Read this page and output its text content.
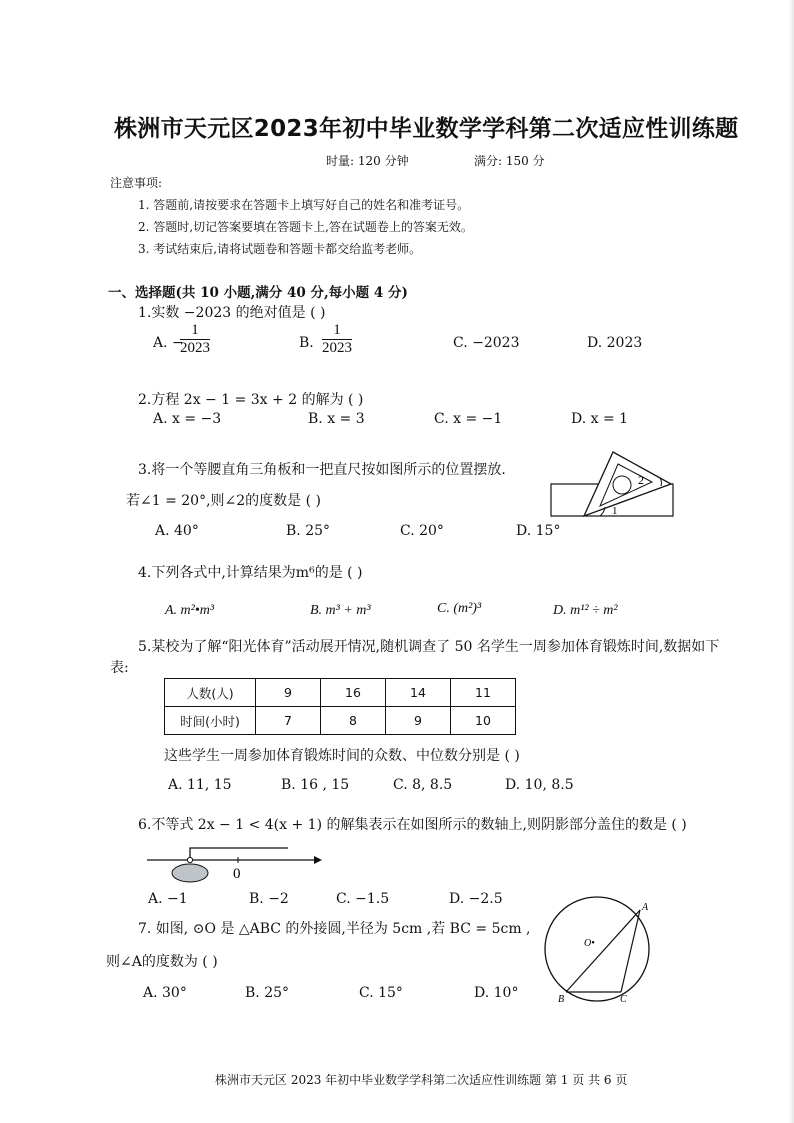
株洲市天元区2023年初中毕业数学学科第二次适应性训练题
时量: 120 分钟	满分: 150 分
注意事项:
1. 答题前,请按要求在答题卡上填写好自己的姓名和准考证号。
2. 答题时,切记答案要填在答题卡上,答在试题卷上的答案无效。
3. 考试结束后,请将试题卷和答题卡都交给监考老师。
一、选择题(共 10 小题,满分 40 分,每小题 4 分)
1.实数 −2023 的绝对值是 ( )
A. −
$\frac{1}{2023}$	B. $\frac{1}{2023}$	C. −2023	D. 2023
2.方程 2x − 1 = 3x + 2 的解为 ( )
A. x = −3	B. x = 3	C. x = −1	D. x = 1
3.将一个等腰直角三角板和一把直尺按如图所示的位置摆放.
若∠1 = 20°,则∠2的度数是 ( )
A. 40°	B. 25°	C. 20°	D. 15°
2
1
4.下列各式中,计算结果为m⁶的是 ( )
A. m²•m³	B. m³ + m³	C. (m²)³	D. m¹² ÷ m²
5.某校为了解“阳光体育”活动展开情况,随机调查了 50 名学生一周参加体育锻炼时间,数据如下
表:
人数(人)	9	16	14	11
时间(小时)	7	8	9	10
这些学生一周参加体育锻炼时间的众数、中位数分别是 ( )
A. 11, 15	B. 16 , 15	C. 8, 8.5	D. 10, 8.5
6.不等式 2x − 1 < 4(x + 1) 的解集表示在如图所示的数轴上,则阴影部分盖住的数是 ( )
0
A. −1	B. −2	C. −1.5	D. −2.5
7. 如图, ⊙O 是 △ABC 的外接圆,半径为 5cm ,若 BC = 5cm ,
则∠A的度数为 ( )
A. 30°	B. 25°	C. 15°	D. 10°
A
B	C
O•
株洲市天元区 2023 年初中毕业数学学科第二次适应性训练题 第 1 页 共 6 页
